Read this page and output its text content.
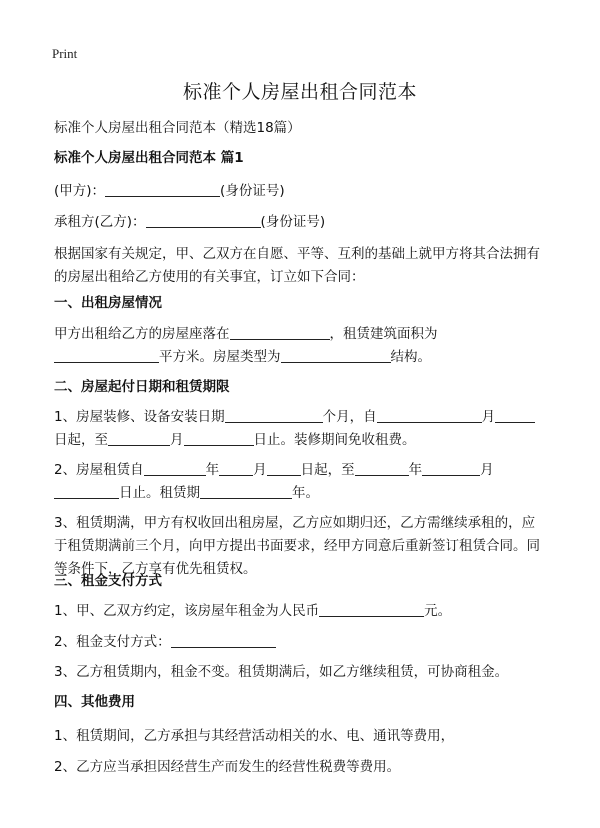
Print
标准个人房屋出租合同范本
标准个人房屋出租合同范本（精选18篇）
标准个人房屋出租合同范本 篇1
(甲方)：	(身份证号)
承租方(乙方)：	(身份证号)
根据国家有关规定，甲、乙双方在自愿、平等、互利的基础上就甲方将其合法拥有
的房屋出租给乙方使用的有关事宜，订立如下合同：
一、出租房屋情况
甲方出租给乙方的房屋座落在	，租赁建筑面积为
平方米。房屋类型为	结构。
二、房屋起付日期和租赁期限
1、房屋装修、设备安装日期	个月，自	月
日起，至	月	日止。装修期间免收租费。
2、房屋租赁自	年	月	日起，至	年	月
日止。租赁期	年。
3、租赁期满，甲方有权收回出租房屋，乙方应如期归还，乙方需继续承租的，应
于租赁期满前三个月，向甲方提出书面要求，经甲方同意后重新签订租赁合同。同
等条件下，乙方享有优先租赁权。
三、租金支付方式
1、甲、乙双方约定，该房屋年租金为人民币	元。
2、租金支付方式：
3、乙方租赁期内，租金不变。租赁期满后，如乙方继续租赁，可协商租金。
四、其他费用
1、租赁期间，乙方承担与其经营活动相关的水、电、通讯等费用，
2、乙方应当承担因经营生产而发生的经营性税费等费用。
